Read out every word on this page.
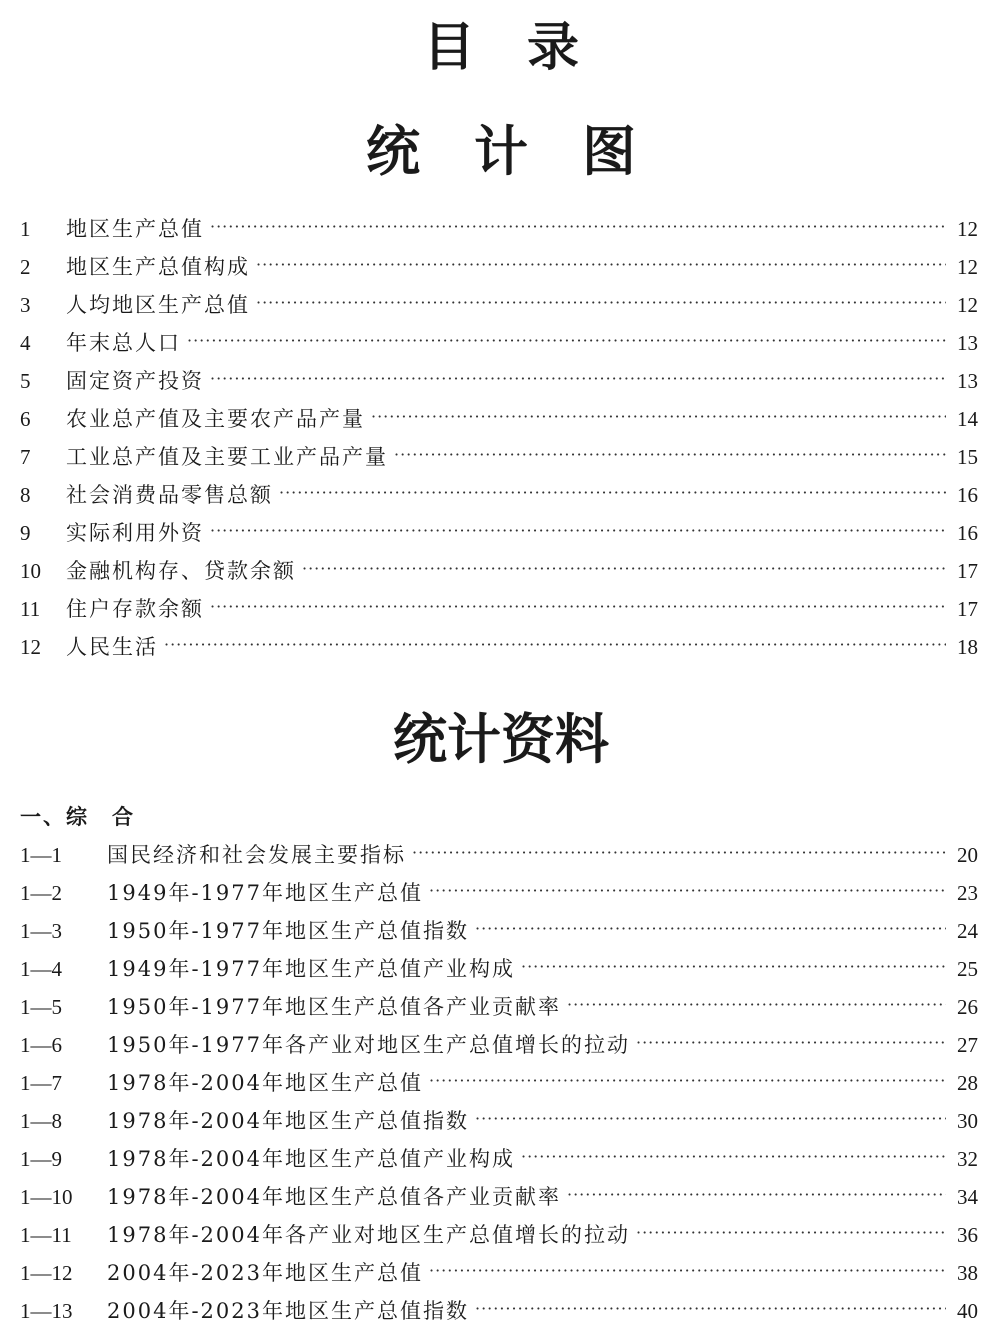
目　录
统　计　图
1	地区生产总值 ·····	12
2	地区生产总值构成 ·····	12
3	人均地区生产总值 ·····	12
4	年末总人口 ·····	13
5	固定资产投资 ·····	13
6	农业总产值及主要农产品产量 ·····	14
7	工业总产值及主要工业产品产量 ·····	15
8	社会消费品零售总额 ·····	16
9	实际利用外资 ·····	16
10	金融机构存、贷款余额 ·····	17
11	住户存款余额 ·····	17
12	人民生活 ·····	18
统计资料
一、综　合
1—1	国民经济和社会发展主要指标 ·····	20
1—2	1949年-1977年地区生产总值 ·····	23
1—3	1950年-1977年地区生产总值指数 ·····	24
1—4	1949年-1977年地区生产总值产业构成 ·····	25
1—5	1950年-1977年地区生产总值各产业贡献率 ·····	26
1—6	1950年-1977年各产业对地区生产总值增长的拉动 ·····	27
1—7	1978年-2004年地区生产总值 ·····	28
1—8	1978年-2004年地区生产总值指数 ·····	30
1—9	1978年-2004年地区生产总值产业构成 ·····	32
1—10	1978年-2004年地区生产总值各产业贡献率 ·····	34
1—11	1978年-2004年各产业对地区生产总值增长的拉动 ·····	36
1—12	2004年-2023年地区生产总值 ·····	38
1—13	2004年-2023年地区生产总值指数 ·····	40
